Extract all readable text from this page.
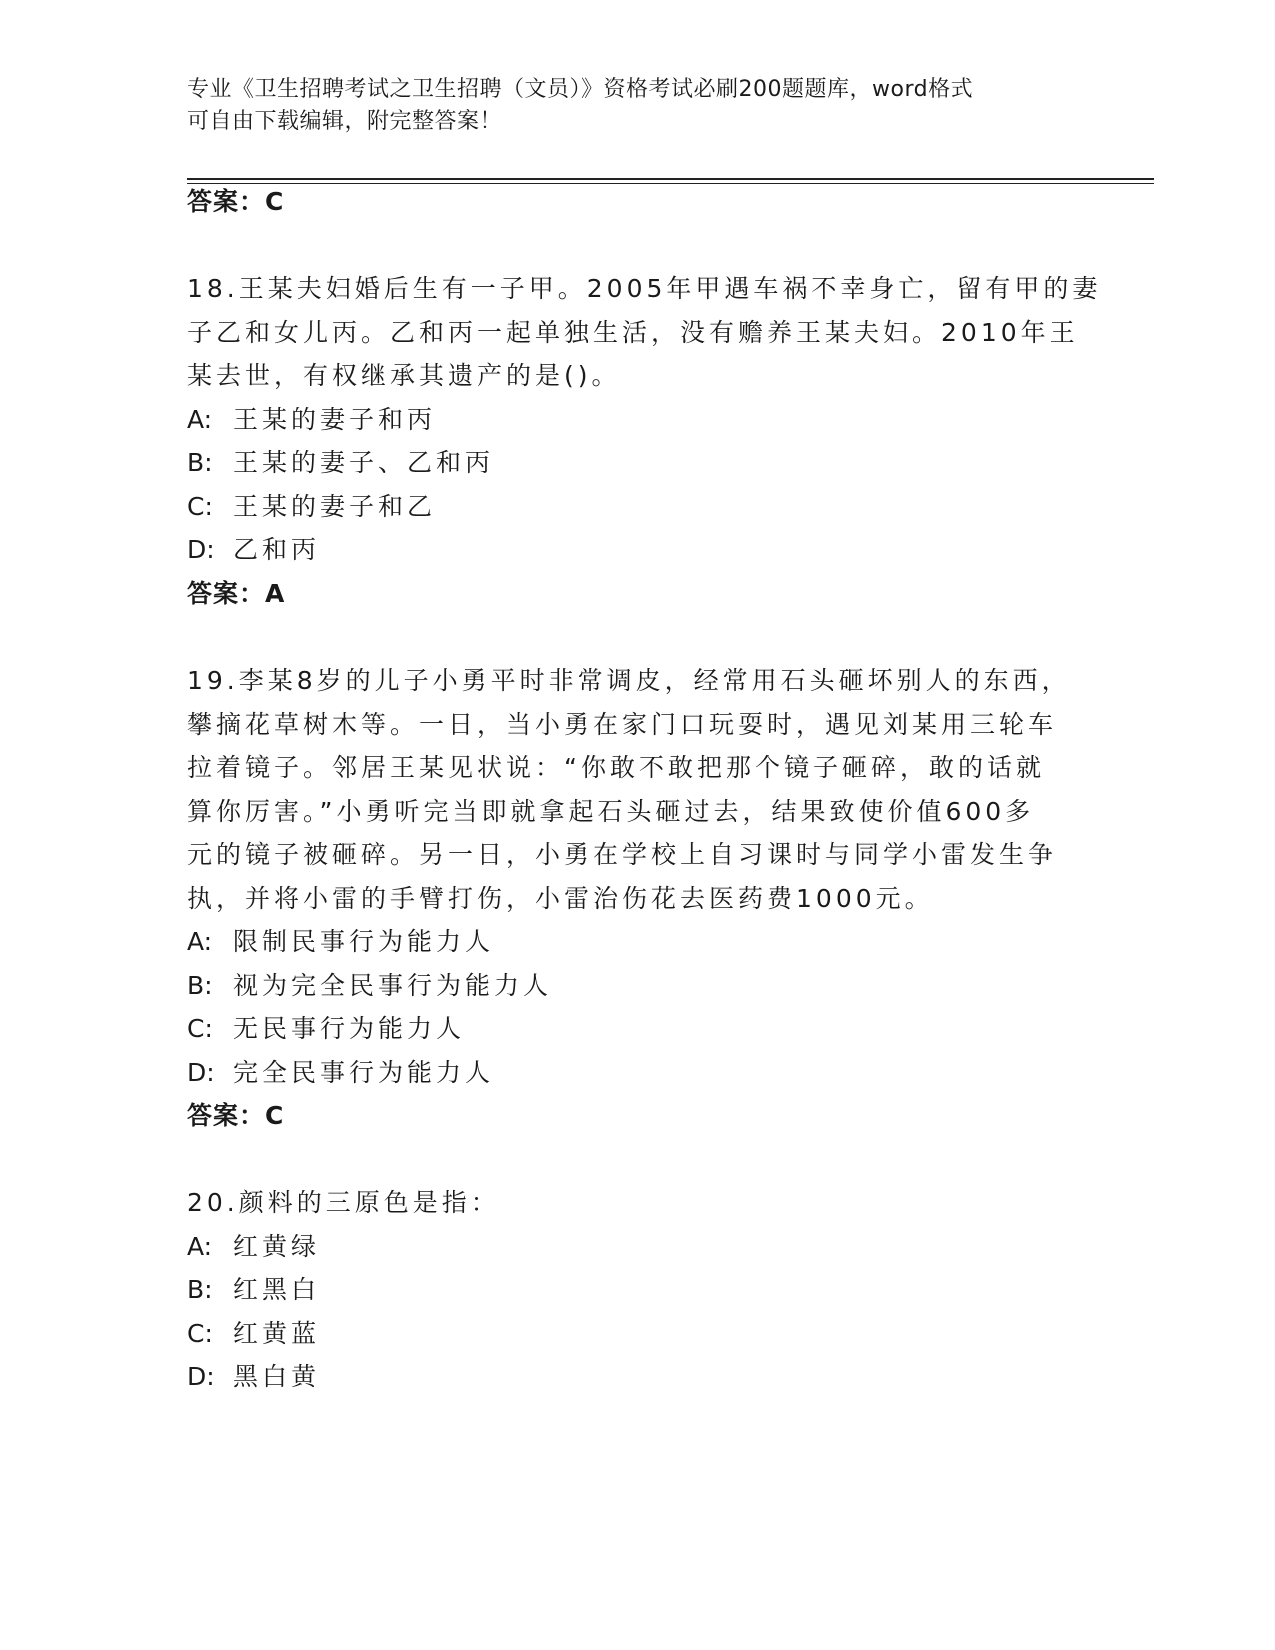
专业《卫生招聘考试之卫生招聘（文员）》资格考试必刷200题题库，word格式
可自由下载编辑，附完整答案！
答案：C
18.王某夫妇婚后生有一子甲。2005年甲遇车祸不幸身亡，留有甲的妻
子乙和女儿丙。乙和丙一起单独生活，没有赡养王某夫妇。2010年王
某去世，有权继承其遗产的是()。
A: 王某的妻子和丙
B: 王某的妻子、乙和丙
C: 王某的妻子和乙
D: 乙和丙
答案：A
19.李某8岁的儿子小勇平时非常调皮，经常用石头砸坏别人的东西，
攀摘花草树木等。一日，当小勇在家门口玩耍时，遇见刘某用三轮车
拉着镜子。邻居王某见状说：“你敢不敢把那个镜子砸碎，敢的话就
算你厉害。”小勇听完当即就拿起石头砸过去，结果致使价值600多
元的镜子被砸碎。另一日，小勇在学校上自习课时与同学小雷发生争
执，并将小雷的手臂打伤，小雷治伤花去医药费1000元。
A: 限制民事行为能力人
B: 视为完全民事行为能力人
C: 无民事行为能力人
D: 完全民事行为能力人
答案：C
20.颜料的三原色是指：
A: 红黄绿
B: 红黑白
C: 红黄蓝
D: 黑白黄
